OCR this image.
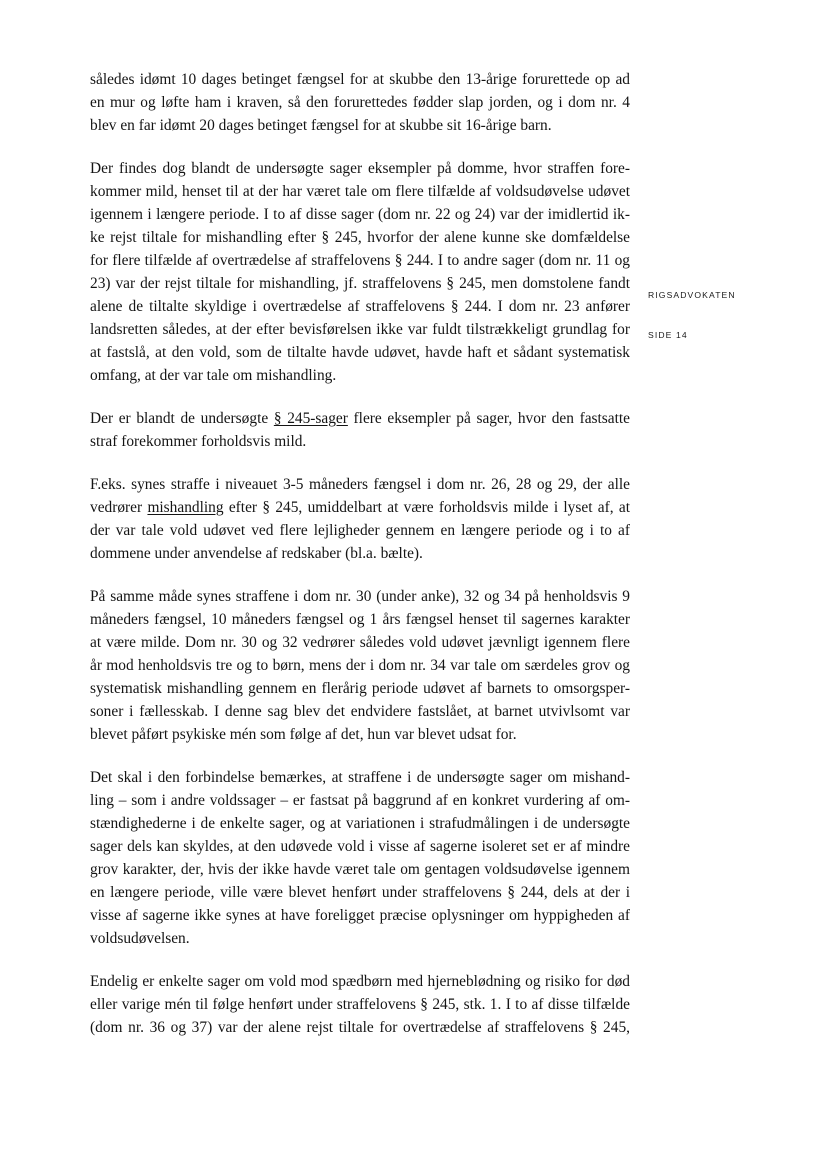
RIGSADVOKATEN
SIDE 14

således idømt 10 dages betinget fængsel for at skubbe den 13-årige forurettede op ad
en mur og løfte ham i kraven, så den forurettedes fødder slap jorden, og i dom nr. 4
blev en far idømt 20 dages betinget fængsel for at skubbe sit 16-årige barn.

Der findes dog blandt de undersøgte sager eksempler på domme, hvor straffen fore-
kommer mild, henset til at der har været tale om flere tilfælde af voldsudøvelse udøvet
igennem i længere periode. I to af disse sager (dom nr. 22 og 24) var der imidlertid ik-
ke rejst tiltale for mishandling efter § 245, hvorfor der alene kunne ske domfældelse
for flere tilfælde af overtrædelse af straffelovens § 244. I to andre sager (dom nr. 11 og
23) var der rejst tiltale for mishandling, jf. straffelovens § 245, men domstolene fandt
alene de tiltalte skyldige i overtrædelse af straffelovens § 244. I dom nr. 23 anfører
landsretten således, at der efter bevisførelsen ikke var fuldt tilstrækkeligt grundlag for
at fastslå, at den vold, som de tiltalte havde udøvet, havde haft et sådant systematisk
omfang, at der var tale om mishandling.

Der er blandt de undersøgte § 245-sager flere eksempler på sager, hvor den fastsatte
straf forekommer forholdsvis mild.

F.eks. synes straffe i niveauet 3-5 måneders fængsel i dom nr. 26, 28 og 29, der alle
vedrører mishandling efter § 245, umiddelbart at være forholdsvis milde i lyset af, at
der var tale vold udøvet ved flere lejligheder gennem en længere periode og i to af
dommene under anvendelse af redskaber (bl.a. bælte).

På samme måde synes straffene i dom nr. 30 (under anke), 32 og 34 på henholdsvis 9
måneders fængsel, 10 måneders fængsel og 1 års fængsel henset til sagernes karakter
at være milde. Dom nr. 30 og 32 vedrører således vold udøvet jævnligt igennem flere
år mod henholdsvis tre og to børn, mens der i dom nr. 34 var tale om særdeles grov og
systematisk mishandling gennem en flerårig periode udøvet af barnets to omsorgsper-
soner i fællesskab. I denne sag blev det endvidere fastslået, at barnet utvivlsomt var
blevet påført psykiske mén som følge af det, hun var blevet udsat for.

Det skal i den forbindelse bemærkes, at straffene i de undersøgte sager om mishand-
ling – som i andre voldssager – er fastsat på baggrund af en konkret vurdering af om-
stændighederne i de enkelte sager, og at variationen i strafudmålingen i de undersøgte
sager dels kan skyldes, at den udøvede vold i visse af sagerne isoleret set er af mindre
grov karakter, der, hvis der ikke havde været tale om gentagen voldsudøvelse igennem
en længere periode, ville være blevet henført under straffelovens § 244, dels at der i
visse af sagerne ikke synes at have foreligget præcise oplysninger om hyppigheden af
voldsudøvelsen.

Endelig er enkelte sager om vold mod spædbørn med hjerneblødning og risiko for død
eller varige mén til følge henført under straffelovens § 245, stk. 1. I to af disse tilfælde
(dom nr. 36 og 37) var der alene rejst tiltale for overtrædelse af straffelovens § 245,
